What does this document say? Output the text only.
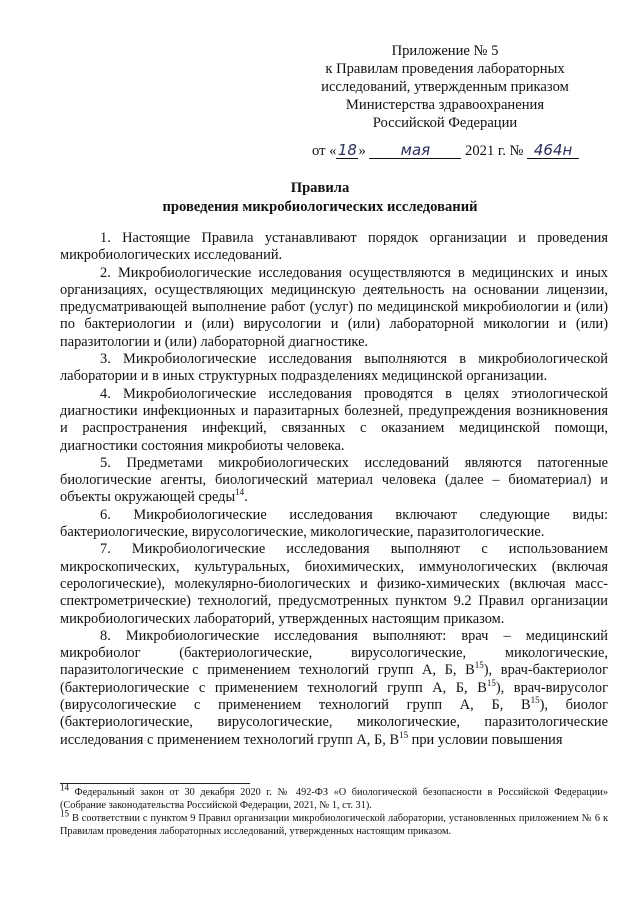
Приложение № 5
к Правилам проведения лабораторных
исследований, утвержденным приказом
Министерства здравоохранения
Российской Федерации
от «18» мая 2021 г. № 464н
Правила
проведения микробиологических исследований

1. Настоящие Правила устанавливают порядок организации и проведения микробиологических исследований.

2. Микробиологические исследования осуществляются в медицинских и иных организациях, осуществляющих медицинскую деятельность на основании лицензии, предусматривающей выполнение работ (услуг) по медицинской микробиологии и (или) по бактериологии и (или) вирусологии и (или) лабораторной микологии и (или) паразитологии и (или) лабораторной диагностике.

3. Микробиологические исследования выполняются в микробиологической лаборатории и в иных структурных подразделениях медицинской организации.

4. Микробиологические исследования проводятся в целях этиологической диагностики инфекционных и паразитарных болезней, предупреждения возникновения и распространения инфекций, связанных с оказанием медицинской помощи, диагностики состояния микробиоты человека.

5. Предметами микробиологических исследований являются патогенные биологические агенты, биологический материал человека (далее – биоматериал) и объекты окружающей среды$^{14}$.

6. Микробиологические исследования включают следующие виды: бактериологические, вирусологические, микологические, паразитологические.

7. Микробиологические исследования выполняют с использованием микроскопических, культуральных, биохимических, иммунологических (включая серологические), молекулярно-биологических и физико-химических (включая масс-спектрометрические) технологий, предусмотренных пунктом 9.2 Правил организации микробиологических лабораторий, утвержденных настоящим приказом.

8. Микробиологические исследования выполняют: врач – медицинский микробиолог (бактериологические, вирусологические, микологические, паразитологические с применением технологий групп А, Б, $В^{15}$), врач-бактериолог (бактериологические с применением технологий групп А, Б, $В^{15}$), врач-вирусолог (вирусологические с применением технологий групп А, Б, $В^{15}$), биолог (бактериологические, вирусологические, микологические, паразитологические исследования с применением технологий групп А, Б, $В^{15}$ при условии повышения

$^{14}$ Федеральный закон от 30 декабря 2020 г. № 492-ФЗ «О биологической безопасности в Российской Федерации» (Собрание законодательства Российской Федерации, 2021, № 1, ст. 31).

$^{15}$ В соответствии с пунктом 9 Правил организации микробиологической лаборатории, установленных приложением № 6 к Правилам проведения лабораторных исследований, утвержденных настоящим приказом.
